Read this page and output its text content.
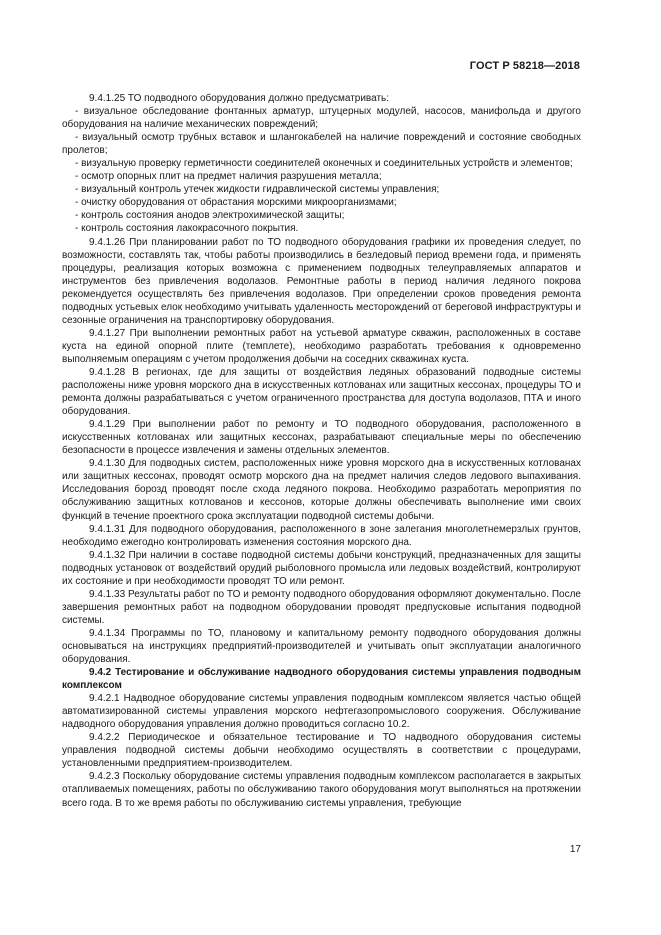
ГОСТ Р 58218—2018

9.4.1.25 ТО подводного оборудования должно предусматривать:

- визуальное обследование фонтанных арматур, штуцерных модулей, насосов, манифольда и другого оборудования на наличие механических повреждений;

- визуальный осмотр трубных вставок и шлангокабелей на наличие повреждений и состояние свободных пролетов;

- визуальную проверку герметичности соединителей оконечных и соединительных устройств и элементов;

- осмотр опорных плит на предмет наличия разрушения металла;

- визуальный контроль утечек жидкости гидравлической системы управления;

- очистку оборудования от обрастания морскими микроорганизмами;

- контроль состояния анодов электрохимической защиты;

- контроль состояния лакокрасочного покрытия.

9.4.1.26 При планировании работ по ТО подводного оборудования графики их проведения следует, по возможности, составлять так, чтобы работы производились в безледовый период времени года, и применять процедуры, реализация которых возможна с применением подводных телеуправляемых аппаратов и инструментов без привлечения водолазов. Ремонтные работы в период наличия ледяного покрова рекомендуется осуществлять без привлечения водолазов. При определении сроков проведения ремонта подводных устьевых елок необходимо учитывать удаленность месторождений от береговой инфраструктуры и сезонные ограничения на транспортировку оборудования.

9.4.1.27 При выполнении ремонтных работ на устьевой арматуре скважин, расположенных в составе куста на единой опорной плите (темплете), необходимо разработать требования к одновременно выполняемым операциям с учетом продолжения добычи на соседних скважинах куста.

9.4.1.28 В регионах, где для защиты от воздействия ледяных образований подводные системы расположены ниже уровня морского дна в искусственных котлованах или защитных кессонах, процедуры ТО и ремонта должны разрабатываться с учетом ограниченного пространства для доступа водолазов, ПТА и иного оборудования.

9.4.1.29 При выполнении работ по ремонту и ТО подводного оборудования, расположенного в искусственных котлованах или защитных кессонах, разрабатывают специальные меры по обеспечению безопасности в процессе извлечения и замены отдельных элементов.

9.4.1.30 Для подводных систем, расположенных ниже уровня морского дна в искусственных котлованах или защитных кессонах, проводят осмотр морского дна на предмет наличия следов ледового выпахивания. Исследования борозд проводят после схода ледяного покрова. Необходимо разработать мероприятия по обслуживанию защитных котлованов и кессонов, которые должны обеспечивать выполнение ими своих функций в течение проектного срока эксплуатации подводной системы добычи.

9.4.1.31 Для подводного оборудования, расположенного в зоне залегания многолетнемерзлых грунтов, необходимо ежегодно контролировать изменения состояния морского дна.

9.4.1.32 При наличии в составе подводной системы добычи конструкций, предназначенных для защиты подводных установок от воздействий орудий рыболовного промысла или ледовых воздействий, контролируют их состояние и при необходимости проводят ТО или ремонт.

9.4.1.33 Результаты работ по ТО и ремонту подводного оборудования оформляют документально. После завершения ремонтных работ на подводном оборудовании проводят предпусковые испытания подводной системы.

9.4.1.34 Программы по ТО, плановому и капитальному ремонту подводного оборудования должны основываться на инструкциях предприятий-производителей и учитывать опыт эксплуатации аналогичного оборудования.

9.4.2 Тестирование и обслуживание надводного оборудования системы управления подводным комплексом

9.4.2.1 Надводное оборудование системы управления подводным комплексом является частью общей автоматизированной системы управления морского нефтегазопромыслового сооружения. Обслуживание надводного оборудования управления должно проводиться согласно 10.2.

9.4.2.2 Периодическое и обязательное тестирование и ТО надводного оборудования системы управления подводной системы добычи необходимо осуществлять в соответствии с процедурами, установленными предприятием-производителем.

9.4.2.3 Поскольку оборудование системы управления подводным комплексом располагается в закрытых отапливаемых помещениях, работы по обслуживанию такого оборудования могут выполняться на протяжении всего года. В то же время работы по обслуживанию системы управления, требующие

17
